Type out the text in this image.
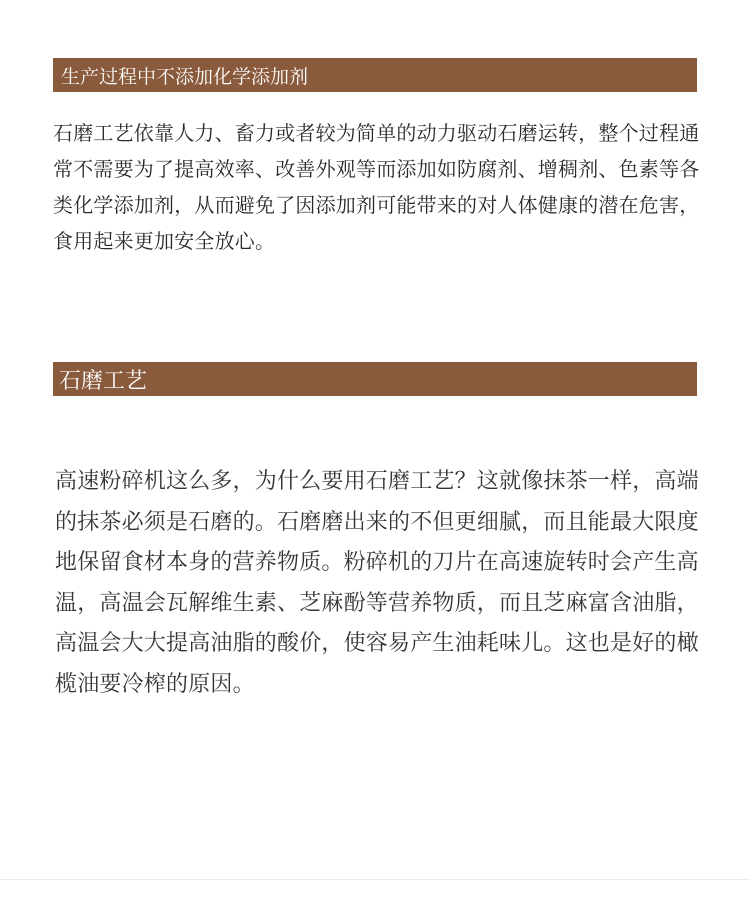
生产过程中不添加化学添加剂

石磨工艺依靠人力、畜力或者较为简单的动力驱动石磨运转，整个过程通常不需要为了提高效率、改善外观等而添加如防腐剂、增稠剂、色素等各类化学添加剂，从而避免了因添加剂可能带来的对人体健康的潜在危害，食用起来更加安全放心。

石磨工艺

高速粉碎机这么多，为什么要用石磨工艺？这就像抹茶一样，高端的抹茶必须是石磨的。石磨磨出来的不但更细腻，而且能最大限度地保留食材本身的营养物质。粉碎机的刀片在高速旋转时会产生高温，高温会瓦解维生素、芝麻酚等营养物质，而且芝麻富含油脂，高温会大大提高油脂的酸价，使容易产生油耗味儿。这也是好的橄榄油要冷榨的原因。
